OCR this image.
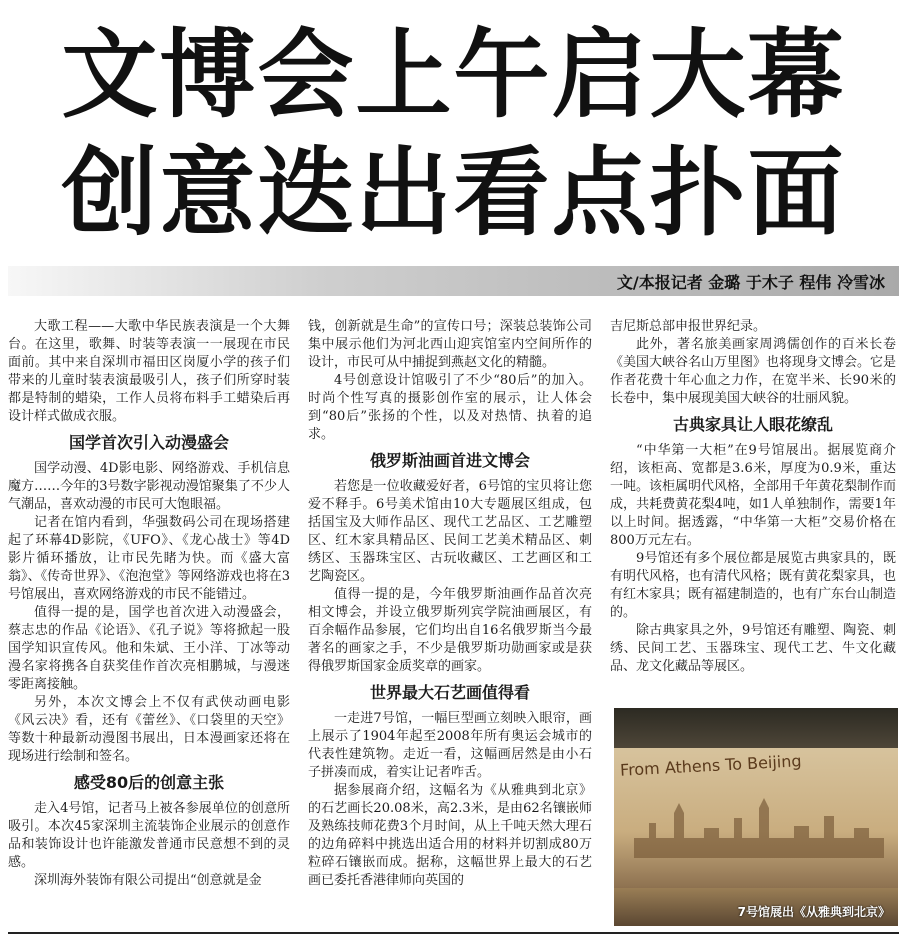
文博会上午启大幕
创意迭出看点扑面
文/本报记者 金璐 于木子 程伟 冷雪冰

大歌工程——大歌中华民族表演是一个大舞台。在这里，歌舞、时装等表演一一展现在市民面前。其中来自深圳市福田区岗厦小学的孩子们带来的儿童时装表演最吸引人，孩子们所穿时装都是特制的蜡染，工作人员将布料手工蜡染后再设计样式做成衣服。

国学首次引入动漫盛会

国学动漫、4D影电影、网络游戏、手机信息魔方……今年的3号数字影视动漫馆聚集了不少人气潮品，喜欢动漫的市民可大饱眼福。

记者在馆内看到，华强数码公司在现场搭建起了环幕4D影院，《UFO》、《龙心战士》等4D影片循环播放，让市民先睹为快。而《盛大富翁》、《传奇世界》、《泡泡堂》等网络游戏也将在3号馆展出，喜欢网络游戏的市民不能错过。

值得一提的是，国学也首次进入动漫盛会，蔡志忠的作品《论语》、《孔子说》等将掀起一股国学知识宣传风。他和朱斌、王小洋、丁冰等动漫名家将携各自获奖佳作首次亮相鹏城，与漫迷零距离接触。

另外，本次文博会上不仅有武侠动画电影《风云决》看，还有《蕾丝》、《口袋里的天空》等数十种最新动漫图书展出，日本漫画家还将在现场进行绘制和签名。

感受80后的创意主张

走入4号馆，记者马上被各参展单位的创意所吸引。本次45家深圳主流装饰企业展示的创意作品和装饰设计也许能激发普通市民意想不到的灵感。

深圳海外装饰有限公司提出“创意就是金

钱，创新就是生命”的宣传口号；深装总装饰公司集中展示他们为河北西山迎宾馆室内空间所作的设计，市民可从中捕捉到燕赵文化的精髓。

4号创意设计馆吸引了不少“80后”的加入。时尚个性写真的摄影创作室的展示，让人体会到“80后”张扬的个性，以及对热情、执着的追求。

俄罗斯油画首进文博会

若您是一位收藏爱好者，6号馆的宝贝将让您爱不释手。6号美术馆由10大专题展区组成，包括国宝及大师作品区、现代工艺品区、工艺雕塑区、红木家具精品区、民间工艺美术精品区、刺绣区、玉器珠宝区、古玩收藏区、工艺画区和工艺陶瓷区。

值得一提的是，今年俄罗斯油画作品首次亮相文博会，并设立俄罗斯列宾学院油画展区，有百余幅作品参展，它们均出自16名俄罗斯当今最著名的画家之手，不少是俄罗斯功勋画家或是获得俄罗斯国家金质奖章的画家。

世界最大石艺画值得看

一走进7号馆，一幅巨型画立刻映入眼帘，画上展示了1904年起至2008年所有奥运会城市的代表性建筑物。走近一看，这幅画居然是由小石子拼凑而成，着实让记者咋舌。

据参展商介绍，这幅名为《从雅典到北京》的石艺画长20.08米，高2.3米，是由62名镶嵌师及熟练技师花费3个月时间，从上千吨天然大理石的边角碎料中挑选出适合用的材料并切割成80万粒碎石镶嵌而成。据称，这幅世界上最大的石艺画已委托香港律师向英国的

吉尼斯总部申报世界纪录。

此外，著名旅美画家周鸿儒创作的百米长卷《美国大峡谷名山万里图》也将现身文博会。它是作者花费十年心血之力作，在宽半米、长90米的长卷中，集中展现美国大峡谷的壮丽风貌。

古典家具让人眼花缭乱

“中华第一大柜”在9号馆展出。据展览商介绍，该柜高、宽都是3.6米，厚度为0.9米，重达一吨。该柜属明代风格，全部用千年黄花梨制作而成，共耗费黄花梨4吨，如1人单独制作，需要1年以上时间。据透露，“中华第一大柜”交易价格在800万元左右。

9号馆还有多个展位都是展览古典家具的，既有明代风格，也有清代风格；既有黄花梨家具，也有红木家具；既有福建制造的，也有广东台山制造的。

除古典家具之外，9号馆还有雕塑、陶瓷、刺绣、民间工艺、玉器珠宝、现代工艺、牛文化藏品、龙文化藏品等展区。

From Athens To Beijing
7号馆展出《从雅典到北京》
